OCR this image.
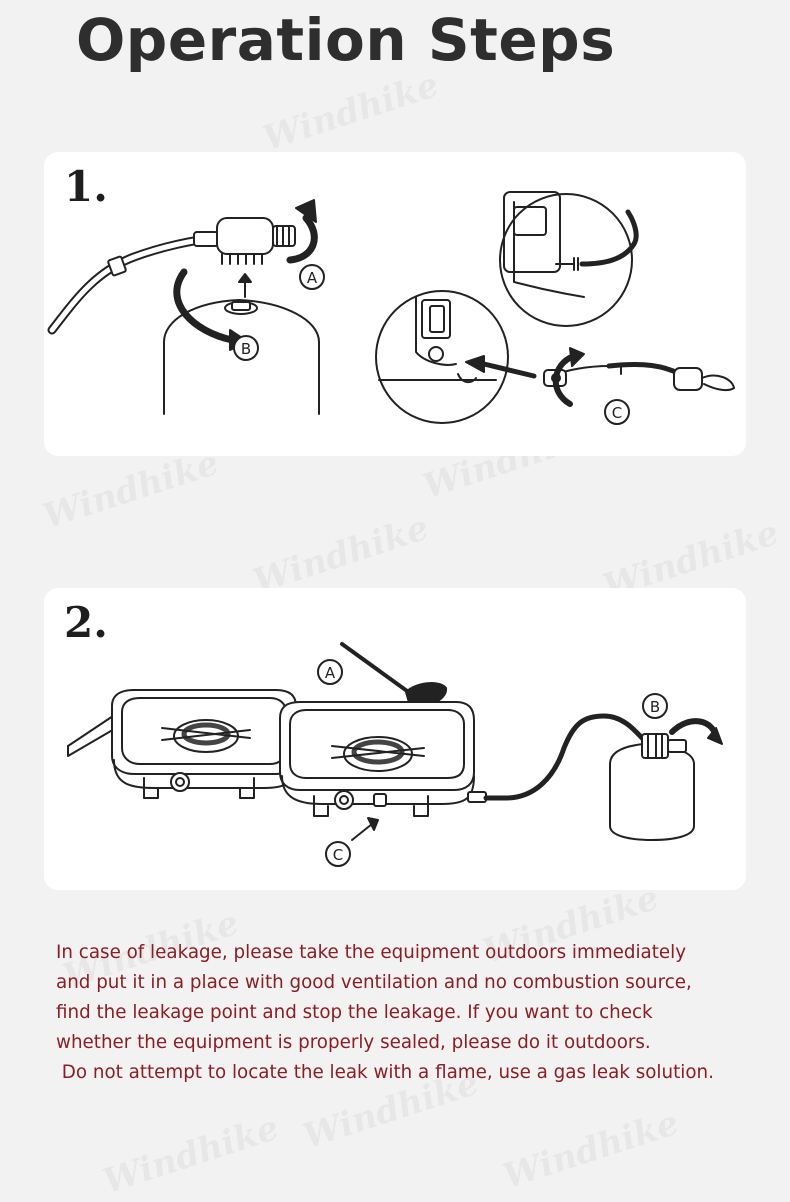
Operation Steps
1.
A
B
C
2.
A
C
B
In case of leakage, please take the equipment outdoors immediately
and put it in a place with good ventilation and no combustion source,
find the leakage point and stop the leakage. If you want to check
whether the equipment is properly sealed, please do it outdoors.
Do not attempt to locate the leak with a flame, use a gas leak solution.
